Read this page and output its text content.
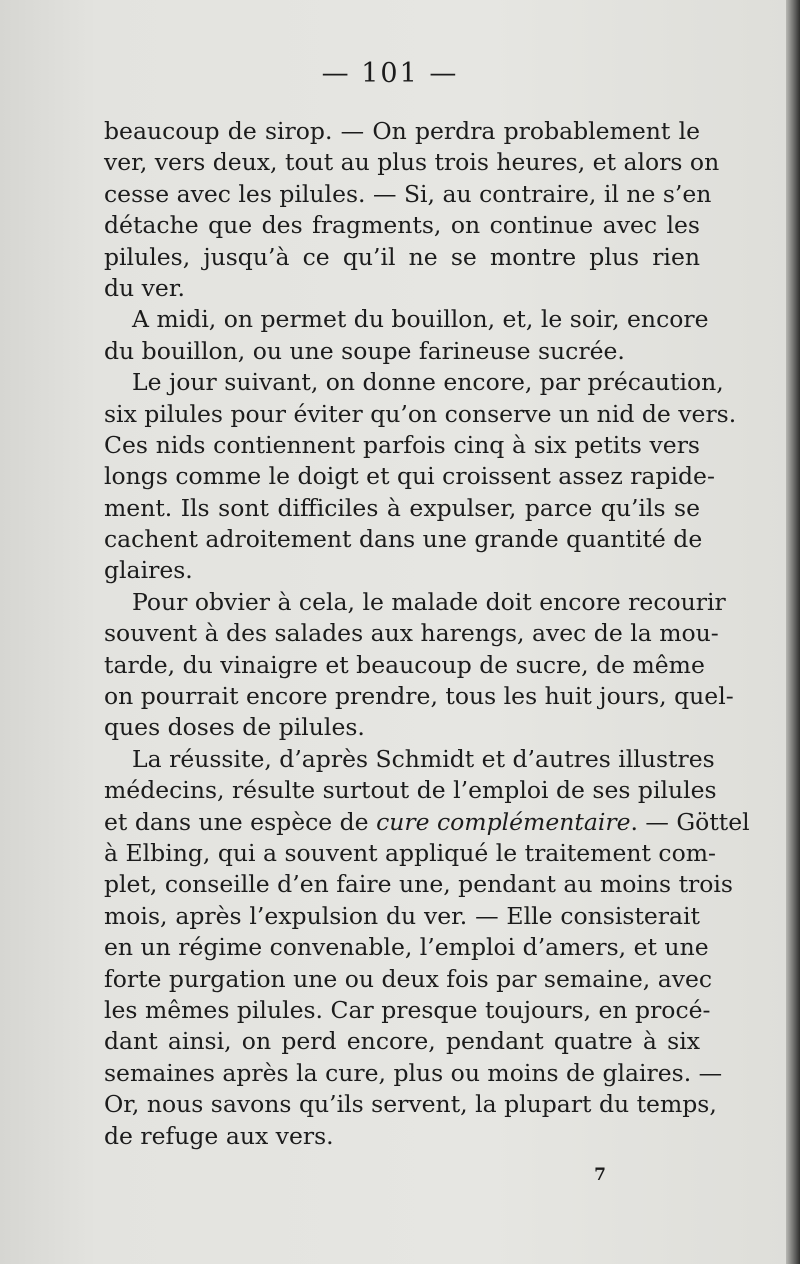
— 101 —
beaucoup de sirop. — On perdra probablement le
ver, vers deux, tout au plus trois heures, et alors on
cesse avec les pilules. — Si, au contraire, il ne s’en
détache que des fragments, on continue avec les
pilules, jusqu’à ce qu’il ne se montre plus rien
du ver.
A midi, on permet du bouillon, et, le soir, encore
du bouillon, ou une soupe farineuse sucrée.
Le jour suivant, on donne encore, par précaution,
six pilules pour éviter qu’on conserve un nid de vers.
Ces nids contiennent parfois cinq à six petits vers
longs comme le doigt et qui croissent assez rapide-
ment. Ils sont difficiles à expulser, parce qu’ils se
cachent adroitement dans une grande quantité de
glaires.
Pour obvier à cela, le malade doit encore recourir
souvent à des salades aux harengs, avec de la mou-
tarde, du vinaigre et beaucoup de sucre, de même
on pourrait encore prendre, tous les huit jours, quel-
ques doses de pilules.
La réussite, d’après Schmidt et d’autres illustres
médecins, résulte surtout de l’emploi de ses pilules
et dans une espèce de cure complémentaire. — Göttel
à Elbing, qui a souvent appliqué le traitement com-
plet, conseille d’en faire une, pendant au moins trois
mois, après l’expulsion du ver. — Elle consisterait
en un régime convenable, l’emploi d’amers, et une
forte purgation une ou deux fois par semaine, avec
les mêmes pilules. Car presque toujours, en procé-
dant ainsi, on perd encore, pendant quatre à six
semaines après la cure, plus ou moins de glaires. —
Or, nous savons qu’ils servent, la plupart du temps,
de refuge aux vers.
7
